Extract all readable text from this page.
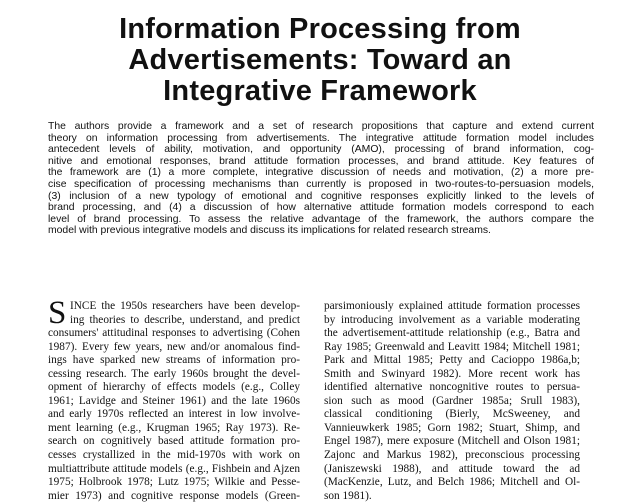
Information Processing from
Advertisements: Toward an
Integrative Framework
The authors provide a framework and a set of research propositions that capture and extend current
theory on information processing from advertisements. The integrative attitude formation model includes
antecedent levels of ability, motivation, and opportunity (AMO), processing of brand information, cog-
nitive and emotional responses, brand attitude formation processes, and brand attitude. Key features of
the framework are (1) a more complete, integrative discussion of needs and motivation, (2) a more pre-
cise specification of processing mechanisms than currently is proposed in two-routes-to-persuasion models,
(3) inclusion of a new typology of emotional and cognitive responses explicitly linked to the levels of
brand processing, and (4) a discussion of how alternative attitude formation models correspond to each
level of brand processing. To assess the relative advantage of the framework, the authors compare the
model with previous integrative models and discuss its implications for related research streams.
S INCE the 1950s researchers have been develop-
ing theories to describe, understand, and predict
consumers' attitudinal responses to advertising (Cohen
1987). Every few years, new and/or anomalous find-
ings have sparked new streams of information pro-
cessing research. The early 1960s brought the devel-
opment of hierarchy of effects models (e.g., Colley
1961; Lavidge and Steiner 1961) and the late 1960s
and early 1970s reflected an interest in low involve-
ment learning (e.g., Krugman 1965; Ray 1973). Re-
search on cognitively based attitude formation pro-
cesses crystallized in the mid-1970s with work on
multiattribute attitude models (e.g., Fishbein and Ajzen
1975; Holbrook 1978; Lutz 1975; Wilkie and Pesse-
mier 1973) and cognitive response models (Green-
parsimoniously explained attitude formation processes
by introducing involvement as a variable moderating
the advertisement-attitude relationship (e.g., Batra and
Ray 1985; Greenwald and Leavitt 1984; Mitchell 1981;
Park and Mittal 1985; Petty and Cacioppo 1986a,b;
Smith and Swinyard 1982). More recent work has
identified alternative noncognitive routes to persua-
sion such as mood (Gardner 1985a; Srull 1983),
classical conditioning (Bierly, McSweeney, and
Vannieuwkerk 1985; Gorn 1982; Stuart, Shimp, and
Engel 1987), mere exposure (Mitchell and Olson 1981;
Zajonc and Markus 1982), preconscious processing
(Janiszewski 1988), and attitude toward the ad
(MacKenzie, Lutz, and Belch 1986; Mitchell and Ol-
son 1981).
